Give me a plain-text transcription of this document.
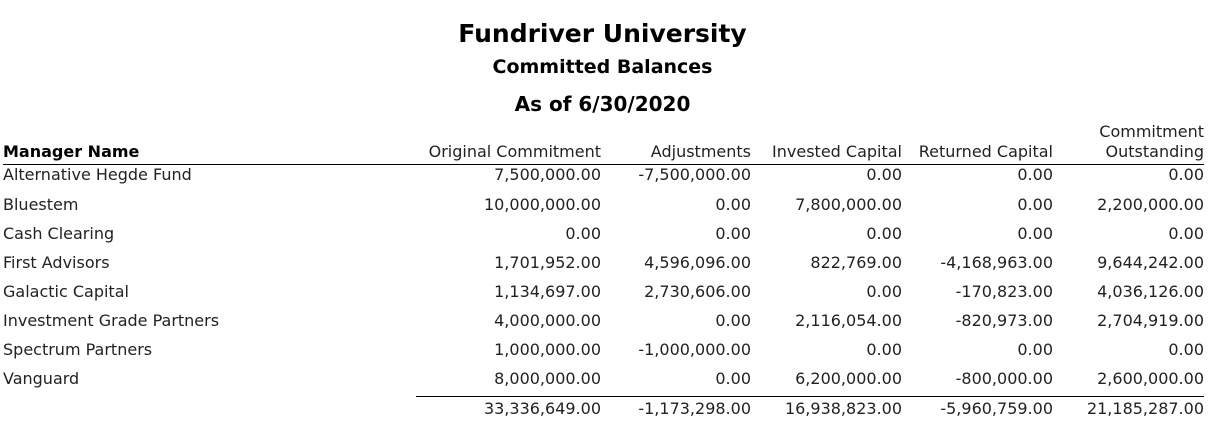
Fundriver University
Committed Balances
As of 6/30/2020
Manager Name	Original Commitment	Adjustments	Invested Capital	Returned Capital	Commitment
Outstanding

Alternative Hegde Fund	7,500,000.00	-7,500,000.00	0.00	0.00	0.00
Bluestem	10,000,000.00	0.00	7,800,000.00	0.00	2,200,000.00
Cash Clearing	0.00	0.00	0.00	0.00	0.00
First Advisors	1,701,952.00	4,596,096.00	822,769.00	-4,168,963.00	9,644,242.00
Galactic Capital	1,134,697.00	2,730,606.00	0.00	-170,823.00	4,036,126.00
Investment Grade Partners	4,000,000.00	0.00	2,116,054.00	-820,973.00	2,704,919.00
Spectrum Partners	1,000,000.00	-1,000,000.00	0.00	0.00	0.00
Vanguard	8,000,000.00	0.00	6,200,000.00	-800,000.00	2,600,000.00
	33,336,649.00	-1,173,298.00	16,938,823.00	-5,960,759.00	21,185,287.00
